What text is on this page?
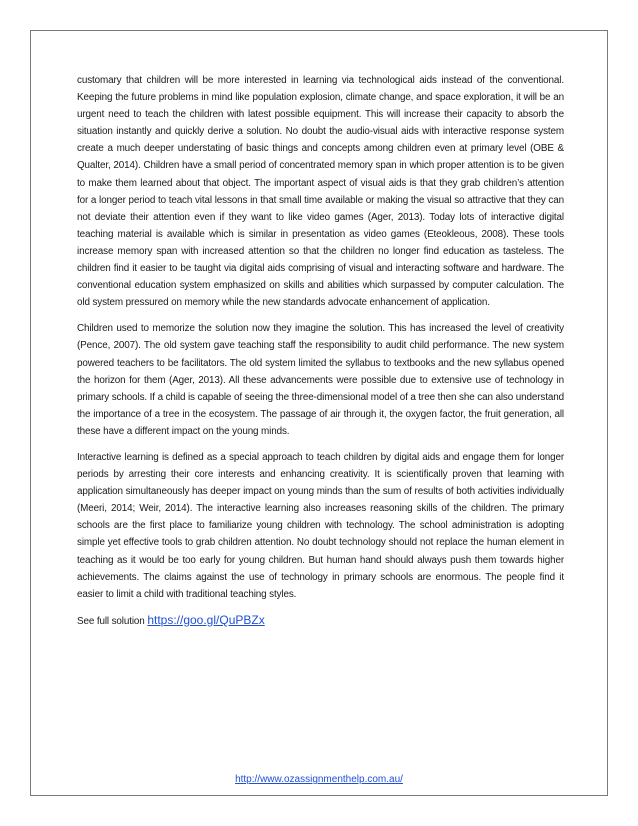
customary that children will be more interested in learning via technological aids instead of the conventional. Keeping the future problems in mind like population explosion, climate change, and space exploration, it will be an urgent need to teach the children with latest possible equipment. This will increase their capacity to absorb the situation instantly and quickly derive a solution. No doubt the audio-visual aids with interactive response system create a much deeper understating of basic things and concepts among children even at primary level (OBE & Qualter, 2014). Children have a small period of concentrated memory span in which proper attention is to be given to make them learned about that object. The important aspect of visual aids is that they grab children’s attention for a longer period to teach vital lessons in that small time available or making the visual so attractive that they can not deviate their attention even if they want to like video games (Ager, 2013). Today lots of interactive digital teaching material is available which is similar in presentation as video games (Eteokleous, 2008). These tools increase memory span with increased attention so that the children no longer find education as tasteless. The children find it easier to be taught via digital aids comprising of visual and interacting software and hardware. The conventional education system emphasized on skills and abilities which surpassed by computer calculation. The old system pressured on memory while the new standards advocate enhancement of application.

Children used to memorize the solution now they imagine the solution. This has increased the level of creativity (Pence, 2007). The old system gave teaching staff the responsibility to audit child performance. The new system powered teachers to be facilitators. The old system limited the syllabus to textbooks and the new syllabus opened the horizon for them (Ager, 2013). All these advancements were possible due to extensive use of technology in primary schools. If a child is capable of seeing the three-dimensional model of a tree then she can also understand the importance of a tree in the ecosystem. The passage of air through it, the oxygen factor, the fruit generation, all these have a different impact on the young minds.

Interactive learning is defined as a special approach to teach children by digital aids and engage them for longer periods by arresting their core interests and enhancing creativity. It is scientifically proven that learning with application simultaneously has deeper impact on young minds than the sum of results of both activities individually (Meeri, 2014; Weir, 2014). The interactive learning also increases reasoning skills of the children. The primary schools are the first place to familiarize young children with technology. The school administration is adopting simple yet effective tools to grab children attention. No doubt technology should not replace the human element in teaching as it would be too early for young children. But human hand should always push them towards higher achievements. The claims against the use of technology in primary schools are enormous. The people find it easier to limit a child with traditional teaching styles.

See full solution https://goo.gl/QuPBZx
http://www.ozassignmenthelp.com.au/
